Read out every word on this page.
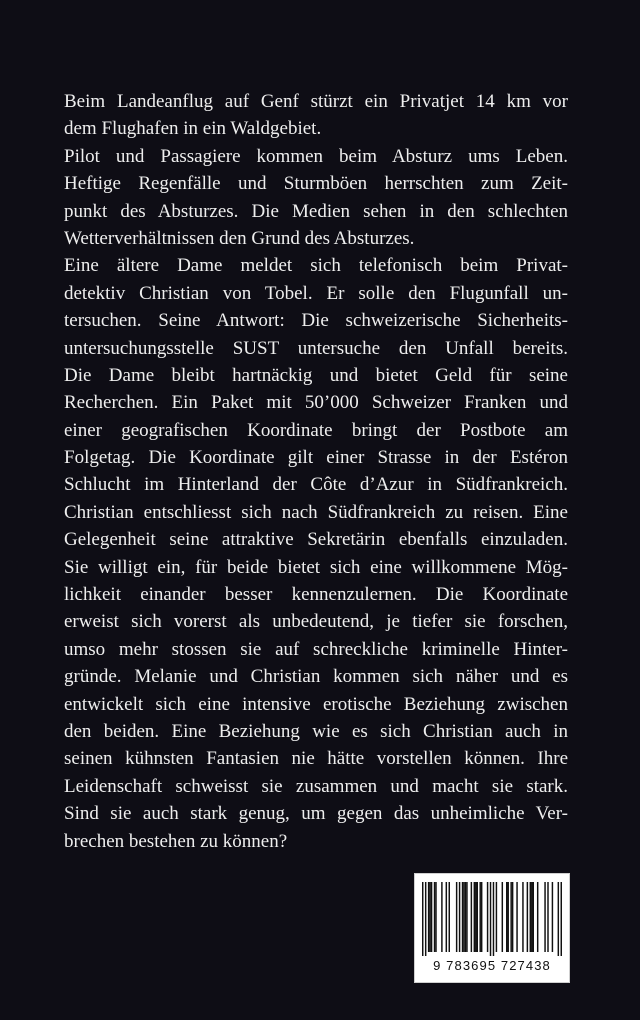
Beim Landeanflug auf Genf stürzt ein Privatjet 14 km vor
dem Flughafen in ein Waldgebiet.
Pilot und Passagiere kommen beim Absturz ums Leben.
Heftige Regenfälle und Sturmböen herrschten zum Zeit-
punkt des Absturzes. Die Medien sehen in den schlechten
Wetterverhältnissen den Grund des Absturzes.
Eine ältere Dame meldet sich telefonisch beim Privat-
detektiv Christian von Tobel. Er solle den Flugunfall un-
tersuchen. Seine Antwort: Die schweizerische Sicherheits-
untersuchungsstelle SUST untersuche den Unfall bereits.
Die Dame bleibt hartnäckig und bietet Geld für seine
Recherchen. Ein Paket mit 50’000 Schweizer Franken und
einer geografischen Koordinate bringt der Postbote am
Folgetag. Die Koordinate gilt einer Strasse in der Estéron
Schlucht im Hinterland der Côte d’Azur in Südfrankreich.
Christian entschliesst sich nach Südfrankreich zu reisen. Eine
Gelegenheit seine attraktive Sekretärin ebenfalls einzuladen.
Sie willigt ein, für beide bietet sich eine willkommene Mög-
lichkeit einander besser kennenzulernen. Die Koordinate
erweist sich vorerst als unbedeutend, je tiefer sie forschen,
umso mehr stossen sie auf schreckliche kriminelle Hinter-
gründe. Melanie und Christian kommen sich näher und es
entwickelt sich eine intensive erotische Beziehung zwischen
den beiden. Eine Beziehung wie es sich Christian auch in
seinen kühnsten Fantasien nie hätte vorstellen können. Ihre
Leidenschaft schweisst sie zusammen und macht sie stark.
Sind sie auch stark genug, um gegen das unheimliche Ver-
brechen bestehen zu können?
9 783695 727438
